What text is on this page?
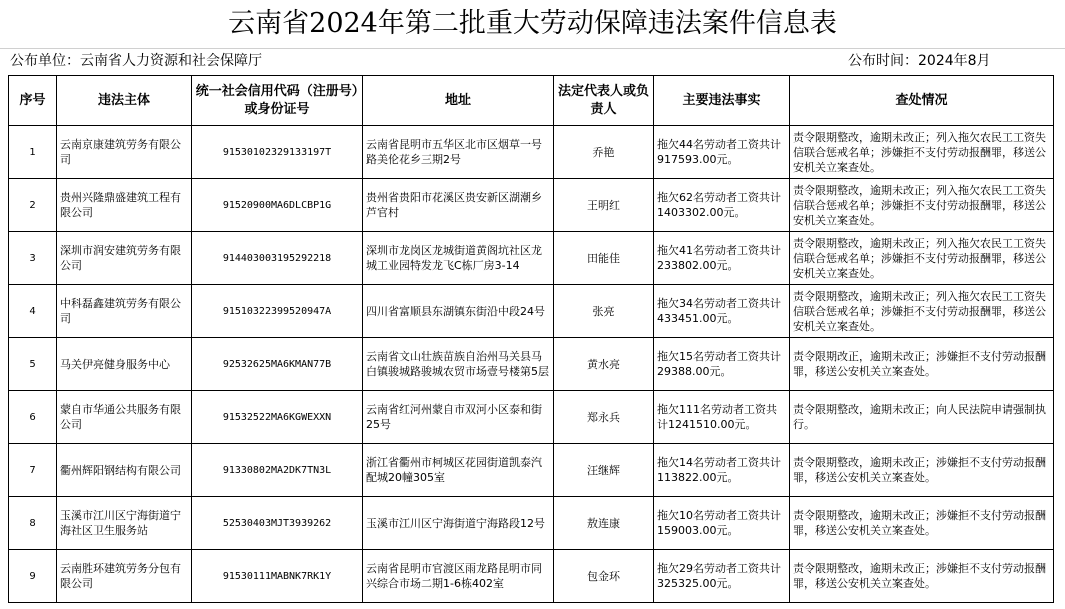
云南省2024年第二批重大劳动保障违法案件信息表
公布单位：云南省人力资源和社会保障厅	公布时间：2024年8月
序号	违法主体	统一社会信用代码（注册号）或身份证号	地址	法定代表人或负责人	主要违法事实	查处情况
1	云南京康建筑劳务有限公司	91530102329133197T	云南省昆明市五华区北市区烟草一号路美伦花乡三期2号	乔艳	拖欠44名劳动者工资共计917593.00元。	责令限期整改，逾期未改正；列入拖欠农民工工资失信联合惩戒名单；涉嫌拒不支付劳动报酬罪，移送公安机关立案查处。
2	贵州兴隆鼎盛建筑工程有限公司	91520900MA6DLCBP1G	贵州省贵阳市花溪区贵安新区湖潮乡芦官村	王明红	拖欠62名劳动者工资共计1403302.00元。	责令限期整改，逾期未改正；列入拖欠农民工工资失信联合惩戒名单；涉嫌拒不支付劳动报酬罪，移送公安机关立案查处。
3	深圳市润安建筑劳务有限公司	914403003195292218	深圳市龙岗区龙城街道黄阁坑社区龙城工业园特发龙飞C栋厂房3-14	田能佳	拖欠41名劳动者工资共计233802.00元。	责令限期整改，逾期未改正；列入拖欠农民工工资失信联合惩戒名单；涉嫌拒不支付劳动报酬罪，移送公安机关立案查处。
4	中科磊鑫建筑劳务有限公司	91510322399520947A	四川省富顺县东湖镇东街沿中段24号	张亮	拖欠34名劳动者工资共计433451.00元。	责令限期整改，逾期未改正；列入拖欠农民工工资失信联合惩戒名单；涉嫌拒不支付劳动报酬罪，移送公安机关立案查处。
5	马关伊亮健身服务中心	92532625MA6KMAN77B	云南省文山壮族苗族自治州马关县马白镇骏城路骏城农贸市场壹号楼第5层	黄水亮	拖欠15名劳动者工资共计29388.00元。	责令限期改正，逾期未改正；涉嫌拒不支付劳动报酬罪，移送公安机关立案查处。
6	蒙自市华通公共服务有限公司	91532522MA6KGWEXXN	云南省红河州蒙自市双河小区泰和街25号	郑永兵	拖欠111名劳动者工资共计1241510.00元。	责令限期整改，逾期未改正；向人民法院申请强制执行。
7	衢州辉阳钢结构有限公司	91330802MA2DK7TN3L	浙江省衢州市柯城区花园街道凯泰汽配城20幢305室	汪继辉	拖欠14名劳动者工资共计113822.00元。	责令限期整改，逾期未改正；涉嫌拒不支付劳动报酬罪，移送公安机关立案查处。
8	玉溪市江川区宁海街道宁海社区卫生服务站	52530403MJT3939262	玉溪市江川区宁海街道宁海路段12号	敖连康	拖欠10名劳动者工资共计159003.00元。	责令限期整改，逾期未改正；涉嫌拒不支付劳动报酬罪，移送公安机关立案查处。
9	云南胜环建筑劳务分包有限公司	91530111MABNK7RK1Y	云南省昆明市官渡区雨龙路昆明市同兴综合市场二期1-6栋402室	包金环	拖欠29名劳动者工资共计325325.00元。	责令限期整改，逾期未改正；涉嫌拒不支付劳动报酬罪，移送公安机关立案查处。
